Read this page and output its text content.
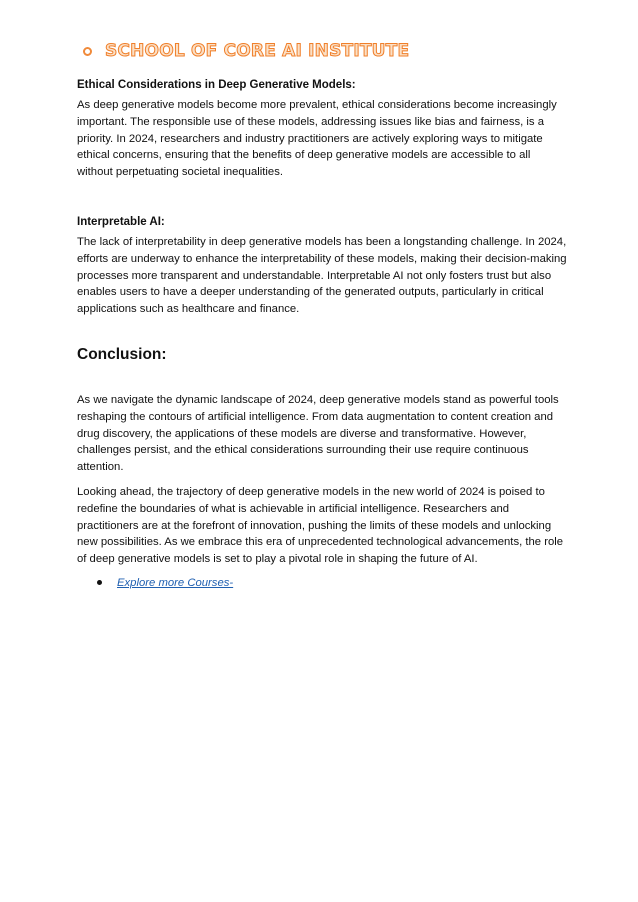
SCHOOL OF CORE AI INSTITUTE
Ethical Considerations in Deep Generative Models:

As deep generative models become more prevalent, ethical considerations become increasingly important. The responsible use of these models, addressing issues like bias and fairness, is a priority. In 2024, researchers and industry practitioners are actively exploring ways to mitigate ethical concerns, ensuring that the benefits of deep generative models are accessible to all without perpetuating societal inequalities.

Interpretable AI:

The lack of interpretability in deep generative models has been a longstanding challenge. In 2024, efforts are underway to enhance the interpretability of these models, making their decision-making processes more transparent and understandable. Interpretable AI not only fosters trust but also enables users to have a deeper understanding of the generated outputs, particularly in critical applications such as healthcare and finance.

Conclusion:

As we navigate the dynamic landscape of 2024, deep generative models stand as powerful tools reshaping the contours of artificial intelligence. From data augmentation to content creation and drug discovery, the applications of these models are diverse and transformative. However, challenges persist, and the ethical considerations surrounding their use require continuous attention.

Looking ahead, the trajectory of deep generative models in the new world of 2024 is poised to redefine the boundaries of what is achievable in artificial intelligence. Researchers and practitioners are at the forefront of innovation, pushing the limits of these models and unlocking new possibilities. As we embrace this era of unprecedented technological advancements, the role of deep generative models is set to play a pivotal role in shaping the future of AI.

Explore more Courses-
